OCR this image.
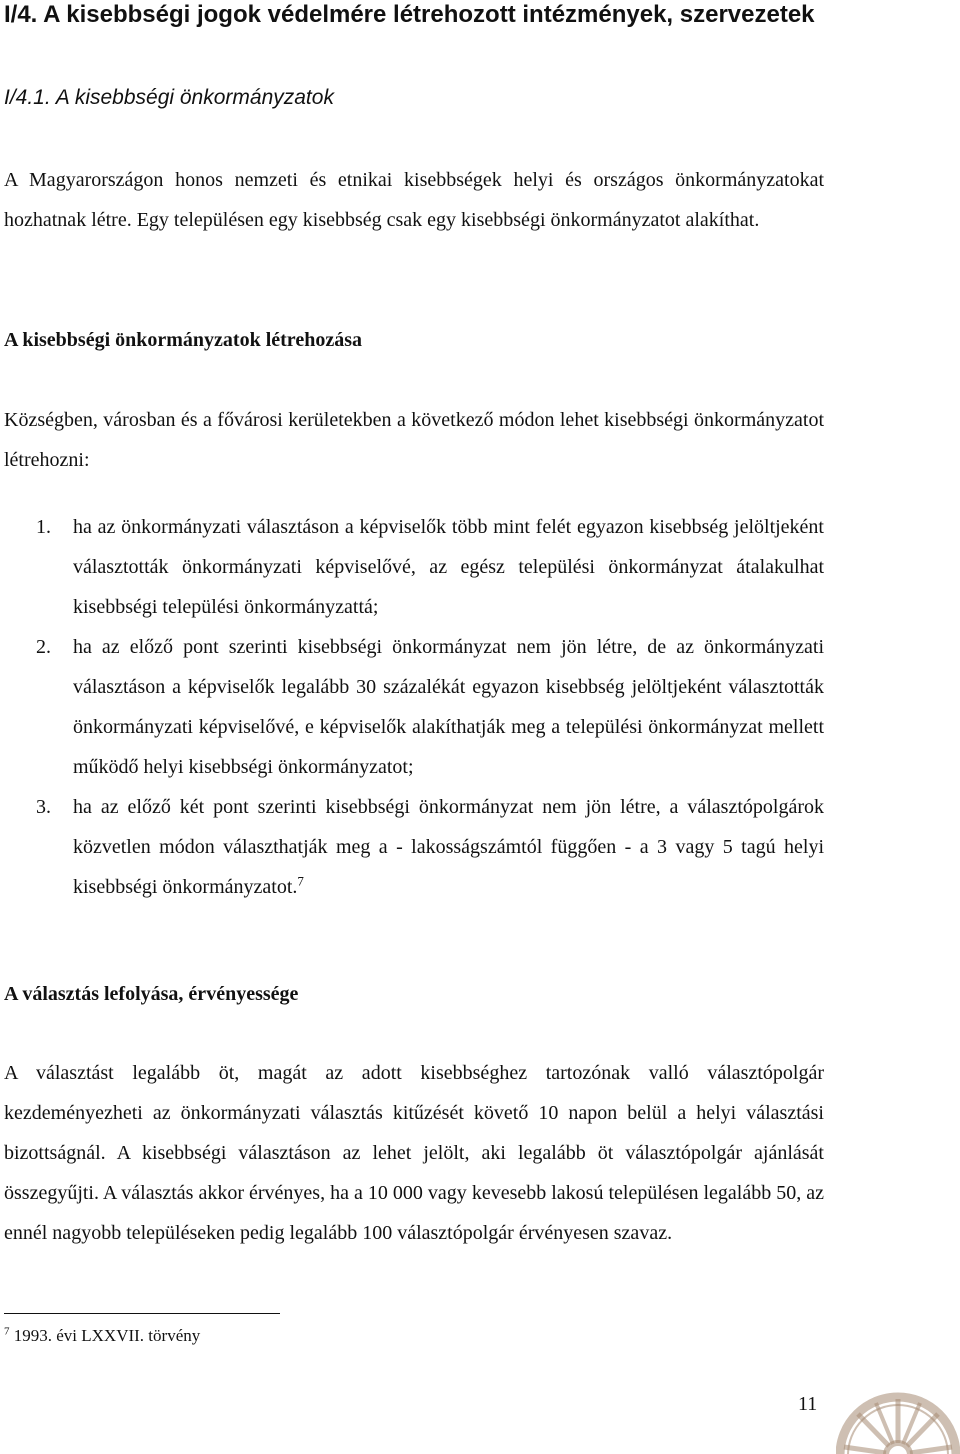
I/4. A kisebbségi jogok védelmére létrehozott intézmények, szervezetek
I/4.1. A kisebbségi önkormányzatok

A Magyarországon honos nemzeti és etnikai kisebbségek helyi és országos önkormányzatokat hozhatnak létre. Egy településen egy kisebbség csak egy kisebbségi önkormányzatot alakíthat.

A kisebbségi önkormányzatok létrehozása

Községben, városban és a fővárosi kerületekben a következő módon lehet kisebbségi önkormányzatot létrehozni:

1. ha az önkormányzati választáson a képviselők több mint felét egyazon kisebbség jelöltjeként választották önkormányzati képviselővé, az egész települési önkormányzat átalakulhat kisebbségi települési önkormányzattá;
2. ha az előző pont szerinti kisebbségi önkormányzat nem jön létre, de az önkormányzati választáson a képviselők legalább 30 százalékát egyazon kisebbség jelöltjeként választották önkormányzati képviselővé, e képviselők alakíthatják meg a települési önkormányzat mellett működő helyi kisebbségi önkormányzatot;
3. ha az előző két pont szerinti kisebbségi önkormányzat nem jön létre, a választópolgárok közvetlen módon választhatják meg a - lakosságszámtól függően - a 3 vagy 5 tagú helyi kisebbségi önkormányzatot.$^7$
A választás lefolyása, érvényessége

A választást legalább öt, magát az adott kisebbséghez tartozónak valló választópolgár kezdeményezheti az önkormányzati választás kitűzését követő 10 napon belül a helyi választási bizottságnál. A kisebbségi választáson az lehet jelölt, aki legalább öt választópolgár ajánlását összegyűjti. A választás akkor érvényes, ha a 10 000 vagy kevesebb lakosú településen legalább 50, az ennél nagyobb településeken pedig legalább 100 választópolgár érvényesen szavaz.

$^7$ 1993. évi LXXVII. törvény

11
